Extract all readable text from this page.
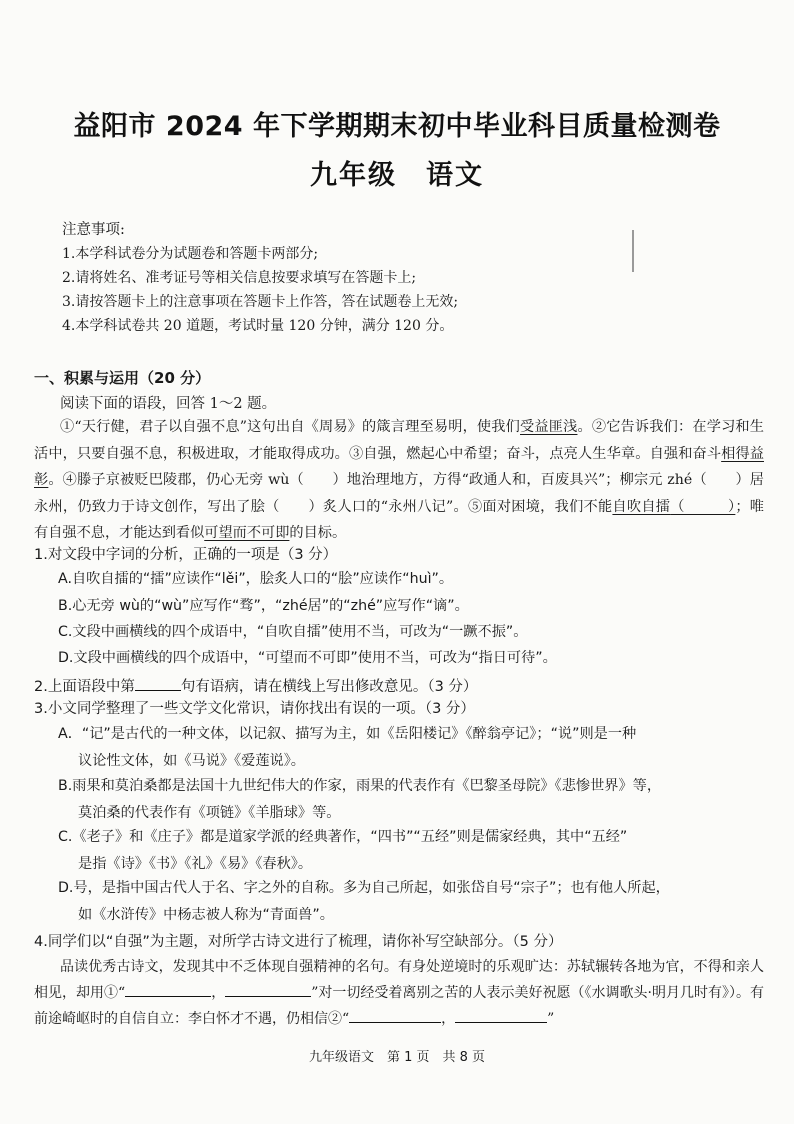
益阳市 2024 年下学期期末初中毕业科目质量检测卷
九年级　语文
注意事项:
1.本学科试卷分为试题卷和答题卡两部分;
2.请将姓名、准考证号等相关信息按要求填写在答题卡上;
3.请按答题卡上的注意事项在答题卡上作答，答在试题卷上无效;
4.本学科试卷共 20 道题，考试时量 120 分钟，满分 120 分。
一、积累与运用（20 分）
阅读下面的语段，回答 1～2 题。
①“天行健，君子以自强不息”这句出自《周易》的箴言理至易明，使我们受益匪浅。②它告诉我们：在学习和生活中，只要自强不息，积极进取，才能取得成功。③自强，燃起心中希望；奋斗，点亮人生华章。自强和奋斗相得益彰。④滕子京被贬巴陵郡，仍心无旁 wù（　　）地治理地方，方得“政通人和，百废具兴”；柳宗元 zhé（　　）居永州，仍致力于诗文创作，写出了脍（　　）炙人口的“永州八记”。⑤面对困境，我们不能自吹自擂（　　　）；唯有自强不息，才能达到看似可望而不可即的目标。
1.对文段中字词的分析，正确的一项是（3 分）
A.自吹自擂的“擂”应读作“lěi”，脍炙人口的“脍”应读作“huì”。
B.心无旁 wù的“wù”应写作“骛”，“zhé居”的“zhé”应写作“谪”。
C.文段中画横线的四个成语中，“自吹自擂”使用不当，可改为“一蹶不振”。
D.文段中画横线的四个成语中，“可望而不可即”使用不当，可改为“指日可待”。
2.上面语段中第	句有语病，请在横线上写出修改意见。（3 分）
3.小文同学整理了一些文学文化常识，请你找出有误的一项。（3 分）
A．“记”是古代的一种文体，以记叙、描写为主，如《岳阳楼记》《醉翁亭记》；“说”则是一种
议论性文体，如《马说》《爱莲说》。
B.雨果和莫泊桑都是法国十九世纪伟大的作家，雨果的代表作有《巴黎圣母院》《悲惨世界》等，
莫泊桑的代表作有《项链》《羊脂球》等。
C.《老子》和《庄子》都是道家学派的经典著作，“四书”“五经”则是儒家经典，其中“五经”
是指《诗》《书》《礼》《易》《春秋》。
D.号，是指中国古代人于名、字之外的自称。多为自己所起，如张岱自号“宗子”；也有他人所起，
如《水浒传》中杨志被人称为“青面兽”。
4.同学们以“自强”为主题，对所学古诗文进行了梳理，请你补写空缺部分。（5 分）
品读优秀古诗文，发现其中不乏体现自强精神的名句。有身处逆境时的乐观旷达：苏轼辗转各地为官，不得和亲人相见，却用①“	，	”对一切经受着离别之苦的人表示美好祝愿（《水调歌头·明月几时有》）。有前途崎岖时的自信自立：李白怀才不遇，仍相信②“	，	”
九年级语文　第 1 页　共 8 页
